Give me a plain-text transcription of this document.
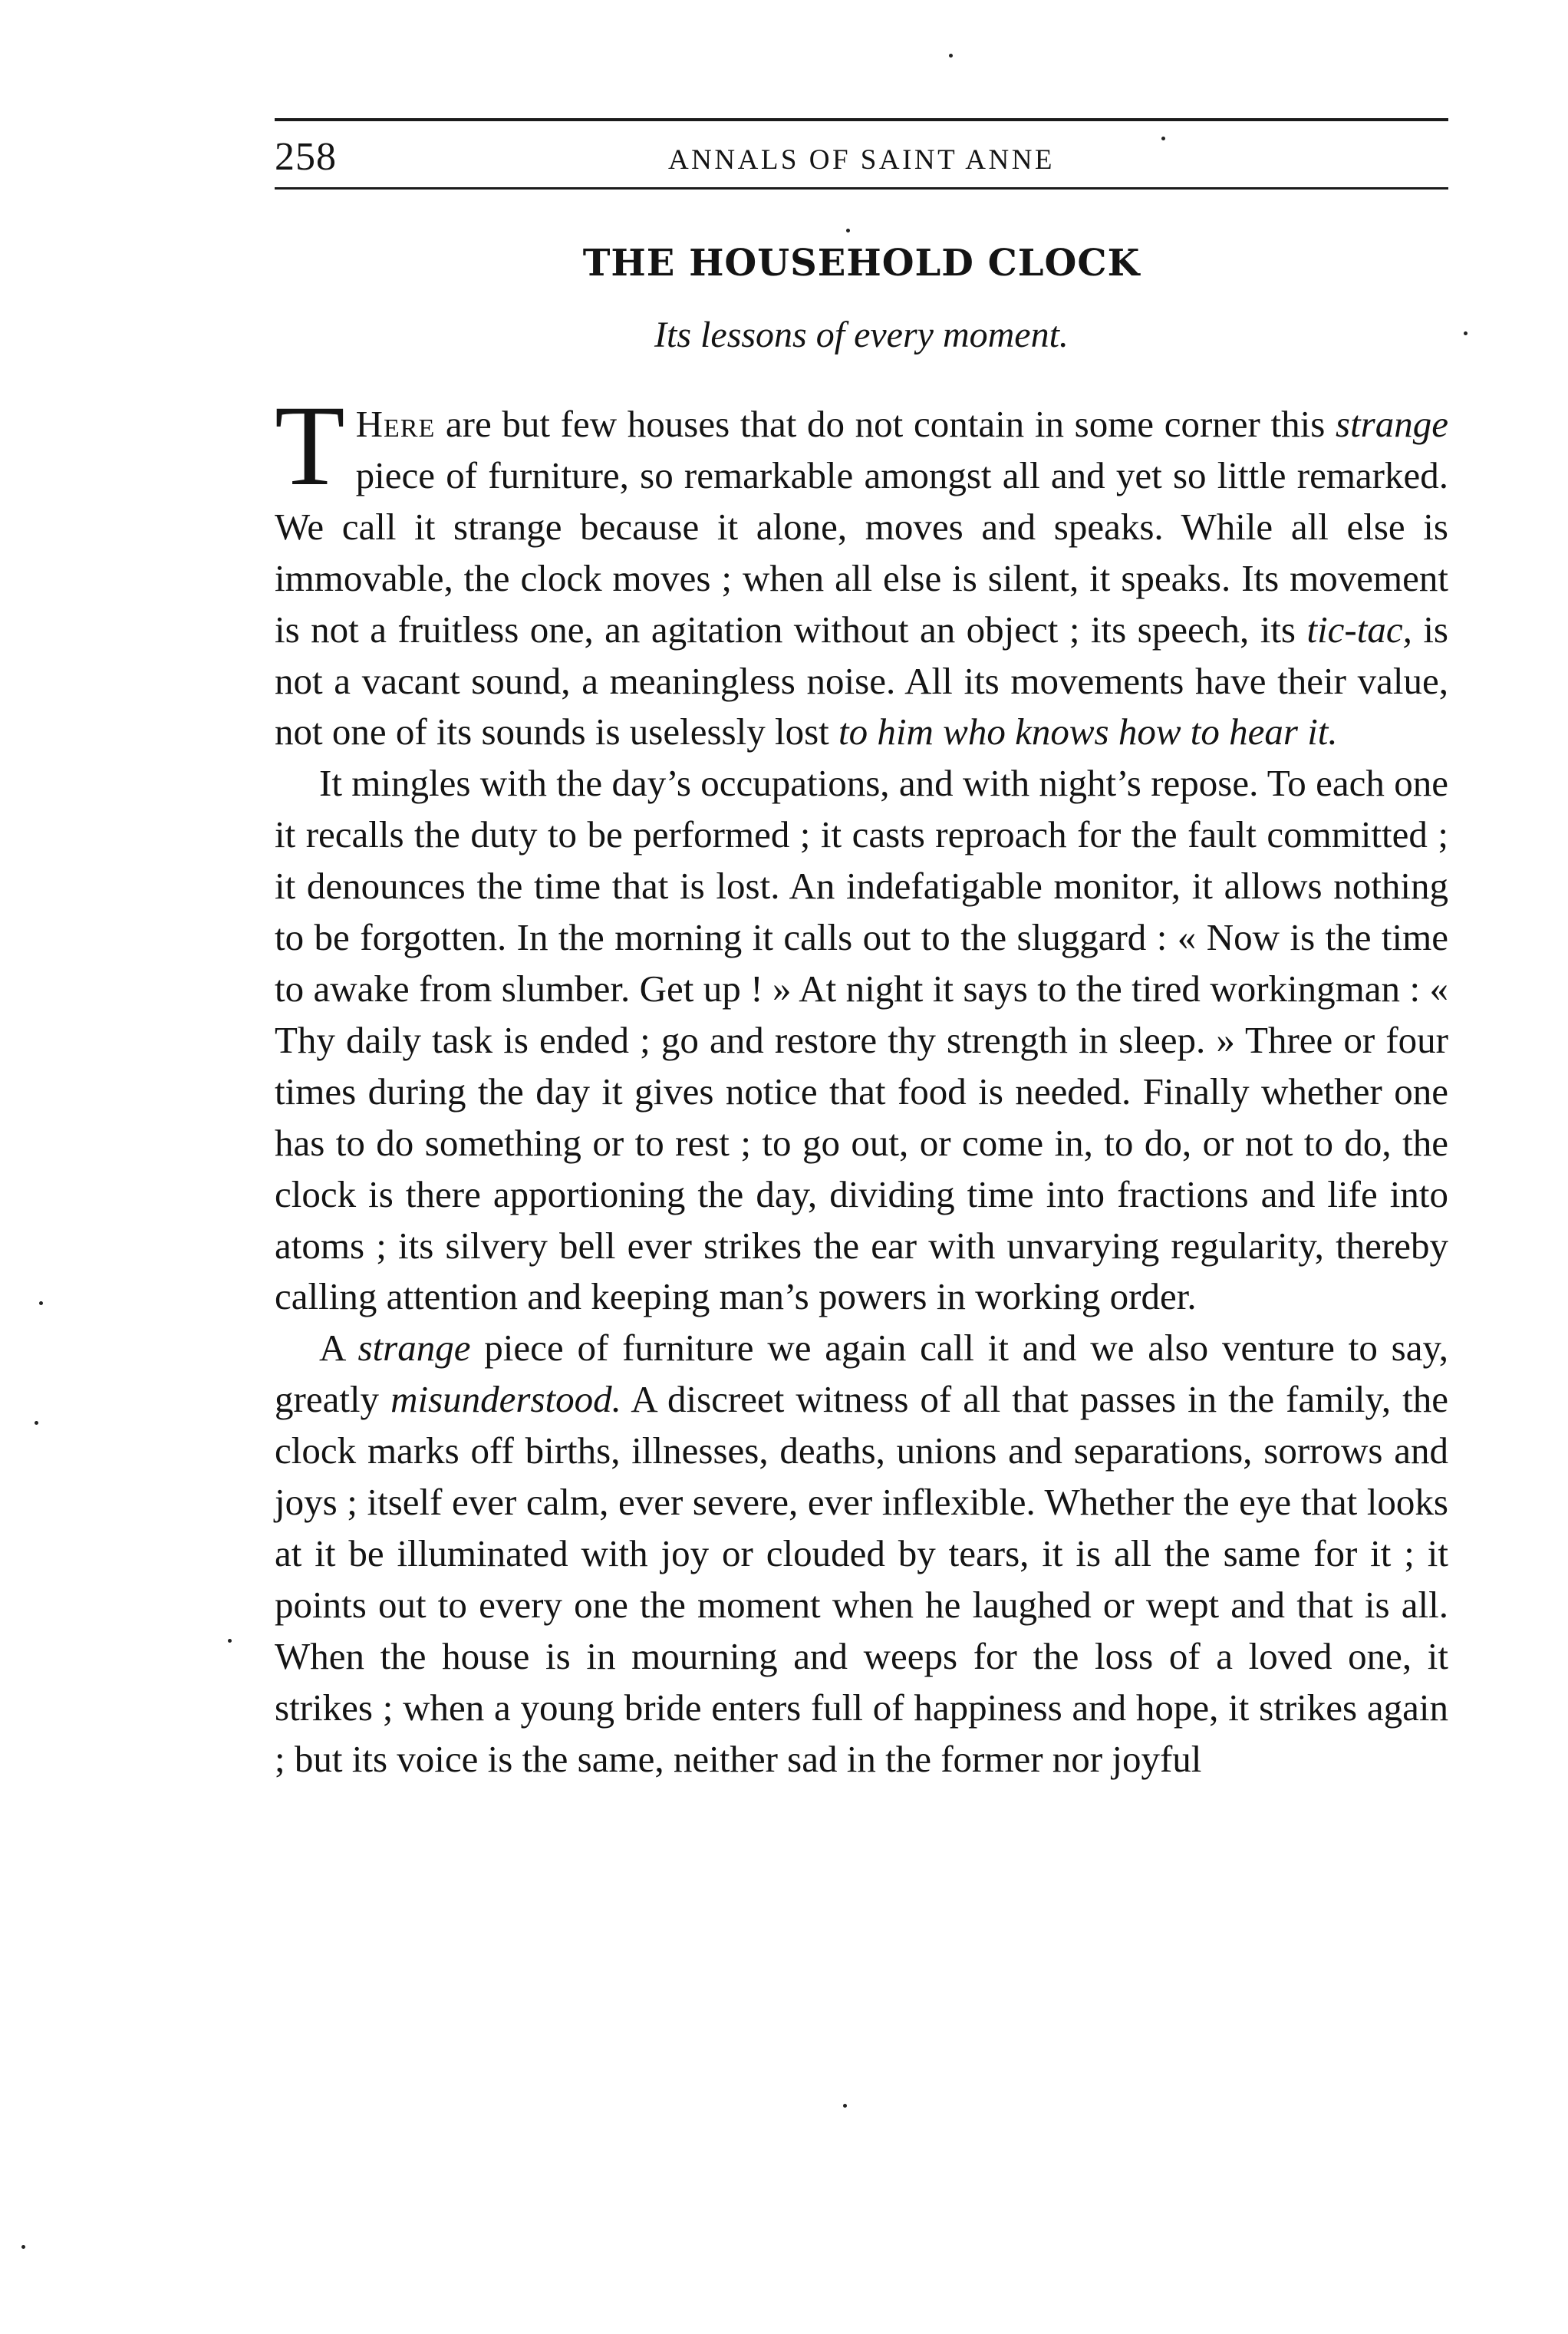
258	ANNALS OF SAINT ANNE
THE HOUSEHOLD CLOCK
Its lessons of every moment.

T Here are but few houses that do not contain in some corner this strange piece of furniture, so remarkable amongst all and yet so little remarked. We call it strange because it alone, moves and speaks. While all else is immovable, the clock moves ; when all else is silent, it speaks. Its movement is not a fruitless one, an agitation without an object ; its speech, its tic-tac, is not a vacant sound, a meaningless noise. All its movements have their value, not one of its sounds is uselessly lost to him who knows how to hear it.

It mingles with the day’s occupations, and with night’s repose. To each one it recalls the duty to be performed ; it casts reproach for the fault committed ; it denounces the time that is lost. An indefatigable monitor, it allows nothing to be forgotten. In the morning it calls out to the sluggard : « Now is the time to awake from slumber. Get up ! » At night it says to the tired workingman : « Thy daily task is ended ; go and restore thy strength in sleep. » Three or four times during the day it gives notice that food is needed. Finally whether one has to do something or to rest ; to go out, or come in, to do, or not to do, the clock is there apportioning the day, dividing time into fractions and life into atoms ; its silvery bell ever strikes the ear with unvarying regularity, thereby calling attention and keeping man’s powers in working order.

A strange piece of furniture we again call it and we also venture to say, greatly misunderstood. A discreet witness of all that passes in the family, the clock marks off births, illnesses, deaths, unions and separations, sorrows and joys ; itself ever calm, ever severe, ever inflexible. Whether the eye that looks at it be illuminated with joy or clouded by tears, it is all the same for it ; it points out to every one the moment when he laughed or wept and that is all. When the house is in mourning and weeps for the loss of a loved one, it strikes ; when a young bride enters full of happiness and hope, it strikes again ; but its voice is the same, neither sad in the former nor joyful
